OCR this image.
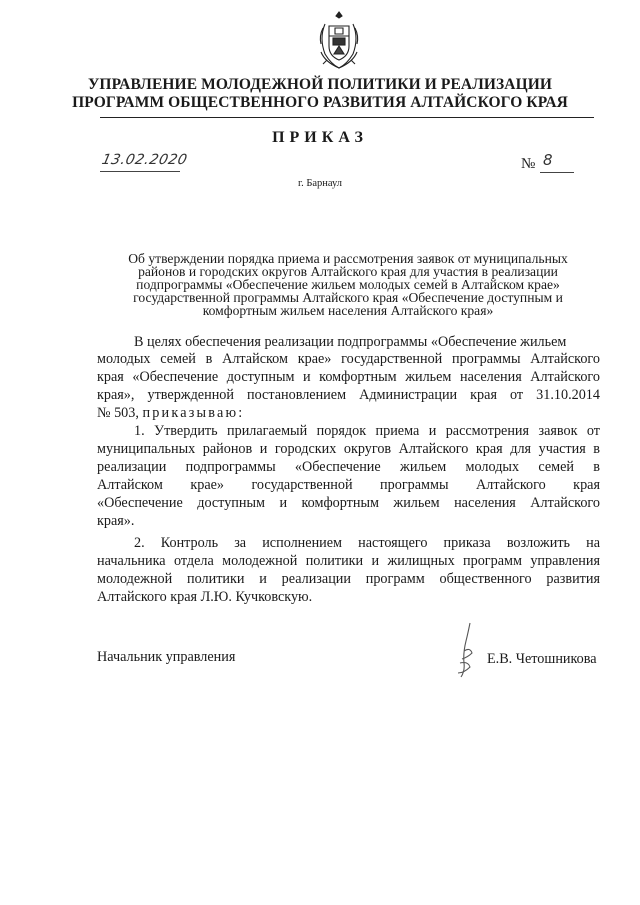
УПРАВЛЕНИЕ МОЛОДЕЖНОЙ ПОЛИТИКИ И РЕАЛИЗАЦИИ
ПРОГРАММ ОБЩЕСТВЕННОГО РАЗВИТИЯ АЛТАЙСКОГО КРАЯ
ПРИКАЗ
13.02.2020	№ 8
г. Барнаул
Об утверждении порядка приема и рассмотрения заявок от муниципальных
районов и городских округов Алтайского края для участия в реализации
подпрограммы «Обеспечение жильем молодых семей в Алтайском крае»
государственной программы Алтайского края «Обеспечение доступным и
комфортным жильем населения Алтайского края»
В целях обеспечения реализации подпрограммы «Обеспечение жильем
молодых семей в Алтайском крае» государственной программы Алтайского
края «Обеспечение доступным и комфортным жильем населения Алтайского
края», утвержденной постановлением Администрации края от 31.10.2014
№ 503, приказываю:
1. Утвердить прилагаемый порядок приема и рассмотрения заявок от
муниципальных районов и городских округов Алтайского края для участия в
реализации подпрограммы «Обеспечение жильем молодых семей в
Алтайском крае» государственной программы Алтайского края
«Обеспечение доступным и комфортным жильем населения Алтайского
края».
2. Контроль за исполнением настоящего приказа возложить на
начальника отдела молодежной политики и жилищных программ управления
молодежной политики и реализации программ общественного развития
Алтайского края Л.Ю. Кучковскую.
Начальник управления	Е.В. Четошникова
